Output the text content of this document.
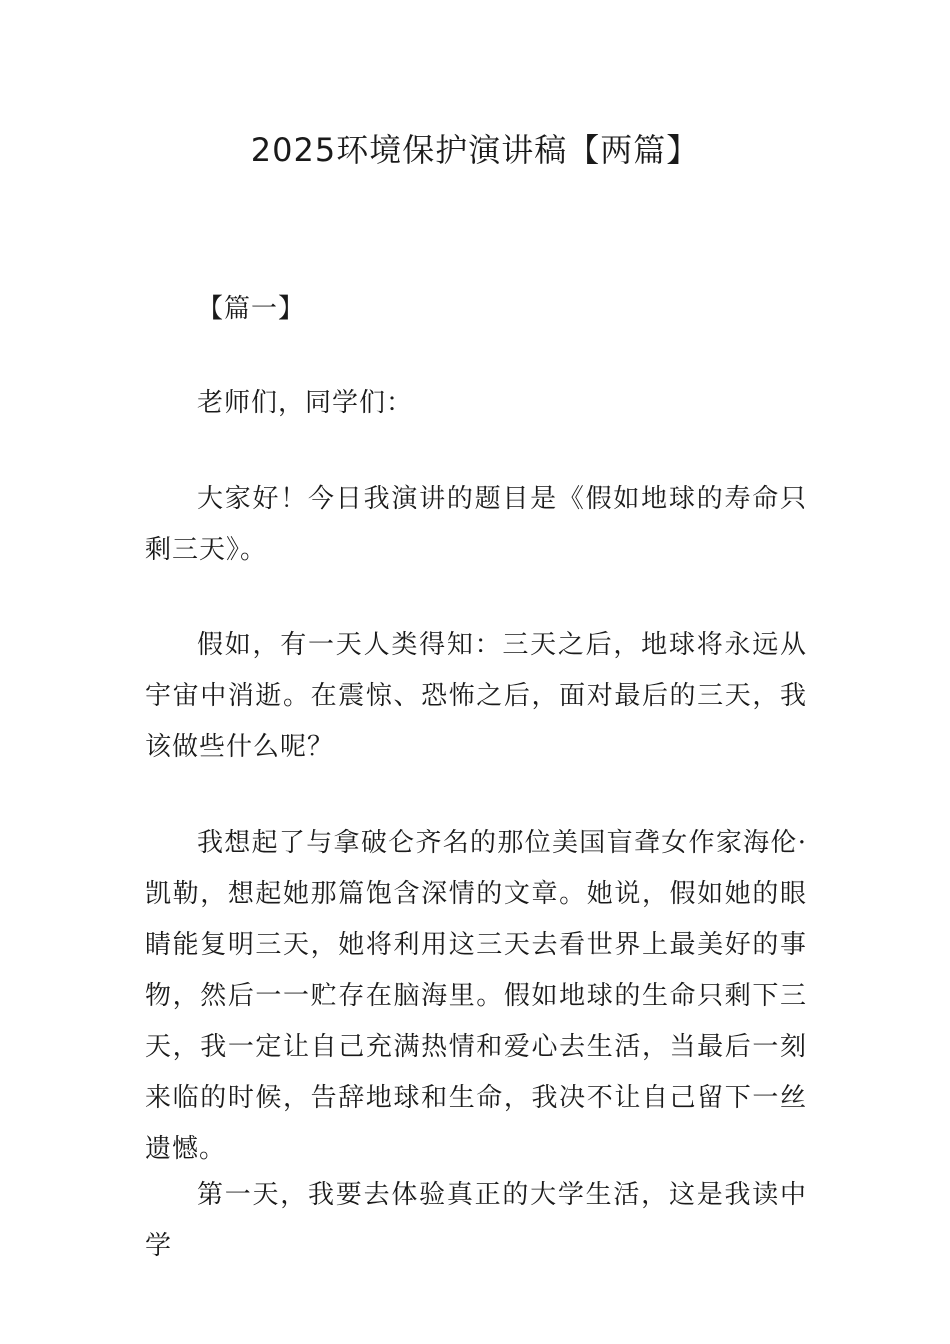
2025环境保护演讲稿【两篇】

【篇一】

老师们，同学们：

大家好！今日我演讲的题目是《假如地球的寿命只剩三天》。

假如，有一天人类得知：三天之后，地球将永远从宇宙中消逝。在震惊、恐怖之后，面对最后的三天，我该做些什么呢？

我想起了与拿破仑齐名的那位美国盲聋女作家海伦·凯勒，想起她那篇饱含深情的文章。她说，假如她的眼睛能复明三天，她将利用这三天去看世界上最美好的事物，然后一一贮存在脑海里。假如地球的生命只剩下三天，我一定让自己充满热情和爱心去生活，当最后一刻来临的时候，告辞地球和生命，我决不让自己留下一丝遗憾。

第一天，我要去体验真正的大学生活，这是我读中学
